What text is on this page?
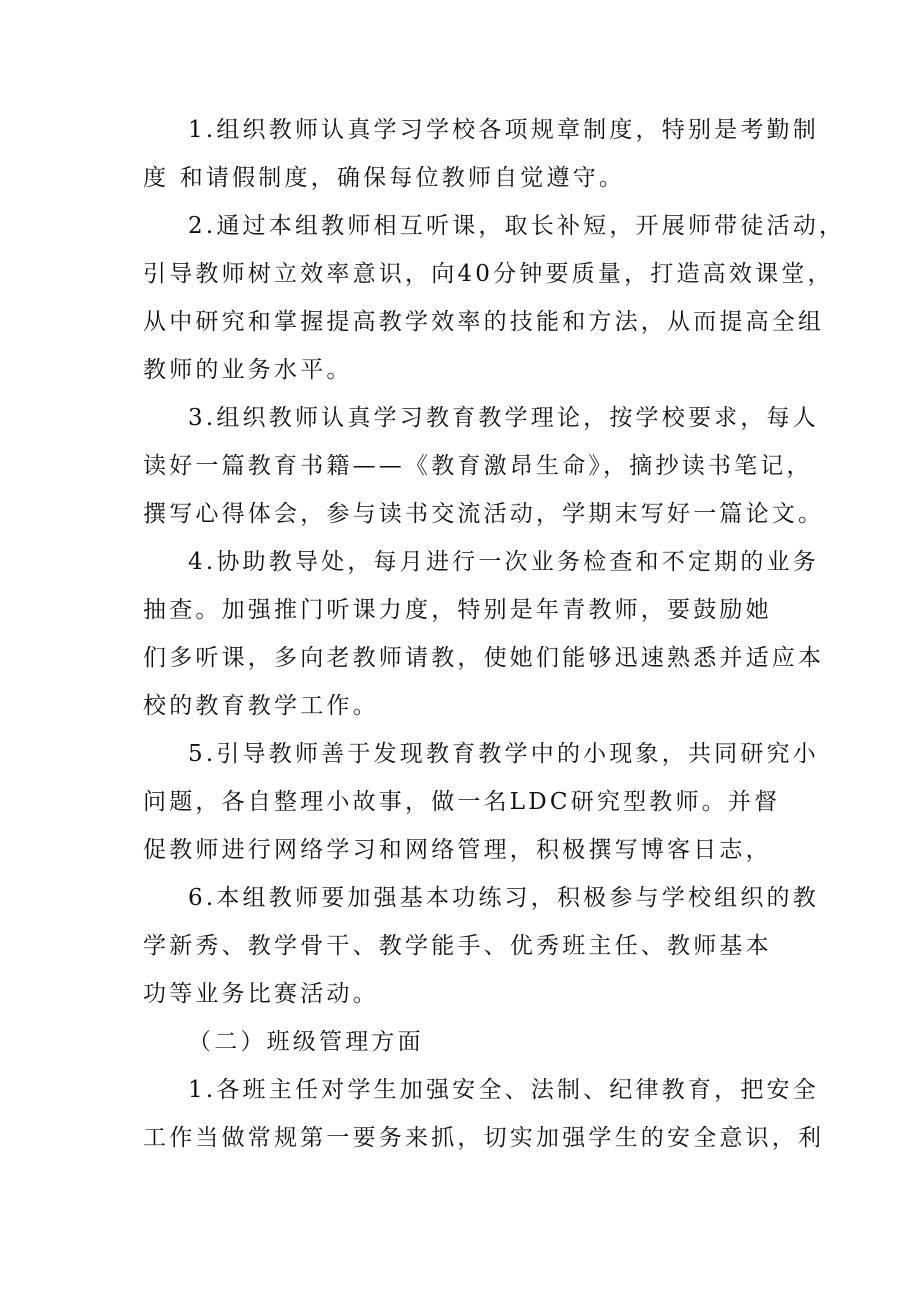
1.组织教师认真学习学校各项规章制度，特别是考勤制
度 和请假制度，确保每位教师自觉遵守。
2.通过本组教师相互听课，取长补短，开展师带徒活动，
引导教师树立效率意识，向40分钟要质量，打造高效课堂，
从中研究和掌握提高教学效率的技能和方法，从而提高全组
教师的业务水平。
3.组织教师认真学习教育教学理论，按学校要求，每人
读好一篇教育书籍——《教育激昂生命》，摘抄读书笔记，
撰写心得体会，参与读书交流活动，学期末写好一篇论文。
4.协助教导处，每月进行一次业务检查和不定期的业务
抽查。加强推门听课力度，特别是年青教师，要鼓励她
们多听课，多向老教师请教，使她们能够迅速熟悉并适应本
校的教育教学工作。
5.引导教师善于发现教育教学中的小现象，共同研究小
问题，各自整理小故事，做一名LDC研究型教师。并督
促教师进行网络学习和网络管理，积极撰写博客日志，
6.本组教师要加强基本功练习，积极参与学校组织的教
学新秀、教学骨干、教学能手、优秀班主任、教师基本
功等业务比赛活动。
（二）班级管理方面
1.各班主任对学生加强安全、法制、纪律教育，把安全
工作当做常规第一要务来抓，切实加强学生的安全意识，利
